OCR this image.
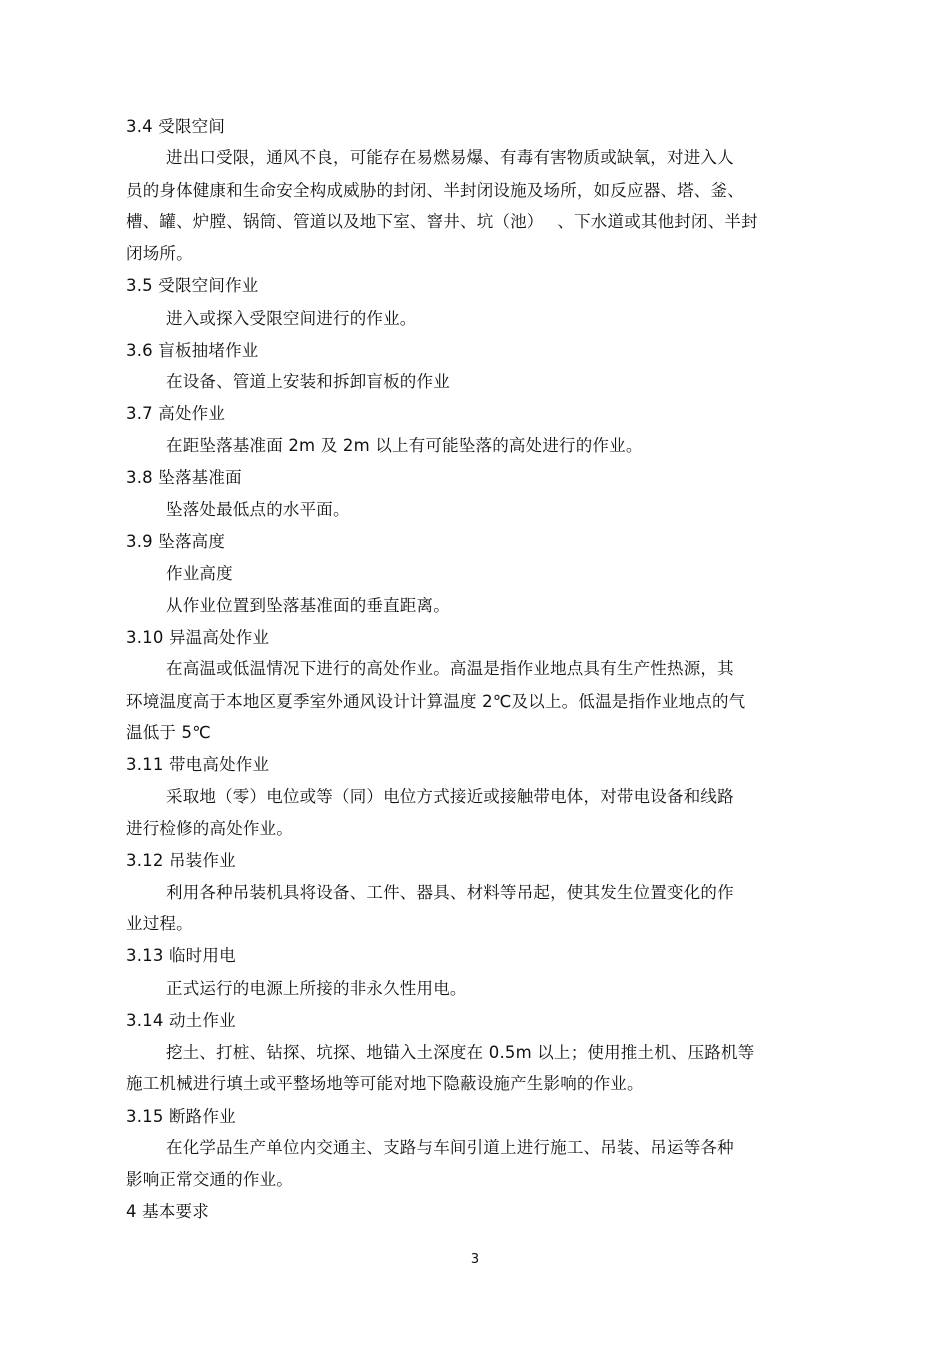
3.4 受限空间
进出口受限，通风不良，可能存在易燃易爆、有毒有害物质或缺氧，对进入人
员的身体健康和生命安全构成威胁的封闭、半封闭设施及场所，如反应器、塔、釜、
槽、罐、炉膛、锅筒、管道以及地下室、窨井、坑（池）　 、下水道或其他封闭、半封
闭场所。
3.5 受限空间作业
进入或探入受限空间进行的作业。
3.6 盲板抽堵作业
在设备、管道上安装和拆卸盲板的作业
3.7 高处作业
在距坠落基准面 2m 及 2m 以上有可能坠落的高处进行的作业。
3.8 坠落基准面
坠落处最低点的水平面。
3.9 坠落高度
作业高度
从作业位置到坠落基准面的垂直距离。
3.10 异温高处作业
在高温或低温情况下进行的高处作业。高温是指作业地点具有生产性热源，其
环境温度高于本地区夏季室外通风设计计算温度 2℃及以上。低温是指作业地点的气
温低于 5℃
3.11 带电高处作业
采取地（零）电位或等（同）电位方式接近或接触带电体，对带电设备和线路
进行检修的高处作业。
3.12 吊装作业
利用各种吊装机具将设备、工件、器具、材料等吊起，使其发生位置变化的作
业过程。
3.13 临时用电
正式运行的电源上所接的非永久性用电。
3.14 动土作业
挖土、打桩、钻探、坑探、地锚入土深度在 0.5m 以上；使用推土机、压路机等
施工机械进行填土或平整场地等可能对地下隐蔽设施产生影响的作业。
3.15 断路作业
在化学品生产单位内交通主、支路与车间引道上进行施工、吊装、吊运等各种
影响正常交通的作业。
4 基本要求
3
